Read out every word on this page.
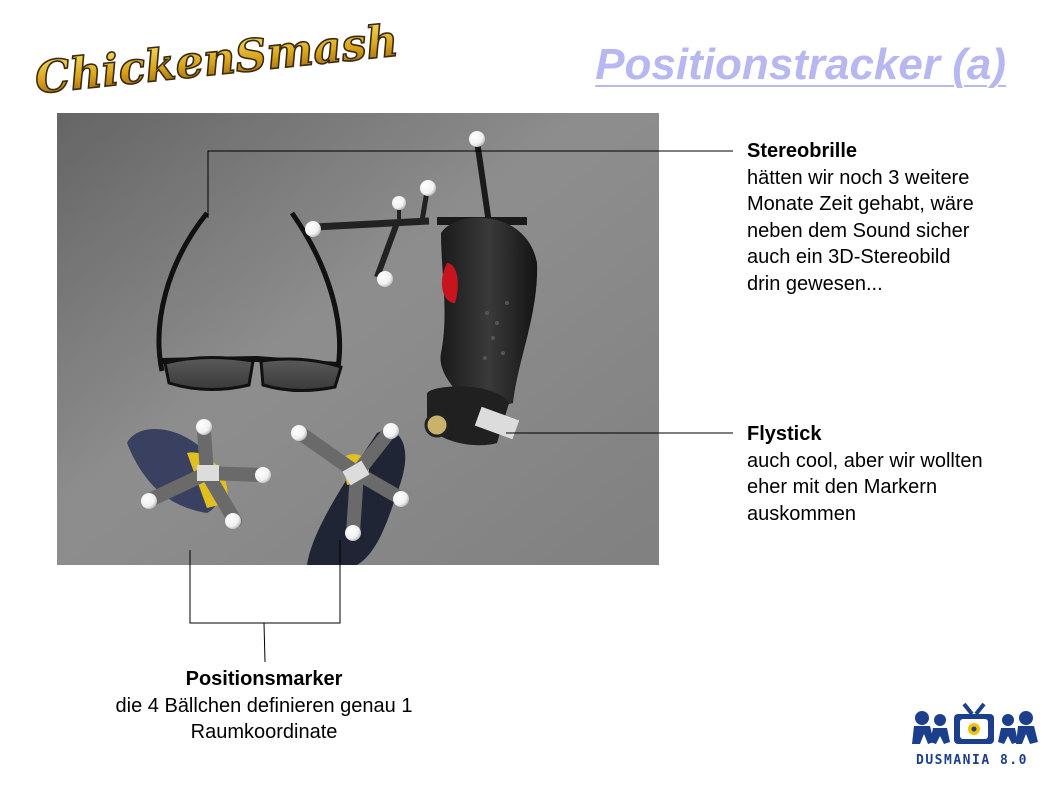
ChickenSmash	Positionstracker (a)
Stereobrille
hätten wir noch 3 weitere Monate Zeit gehabt, wäre neben dem Sound sicher auch ein 3D-Stereobild drin gewesen...
Flystick
auch cool, aber wir wollten eher mit den Markern auskommen
Positionsmarker
die 4 Bällchen definieren genau 1 Raumkoordinate
DUSMANIA 8.0
